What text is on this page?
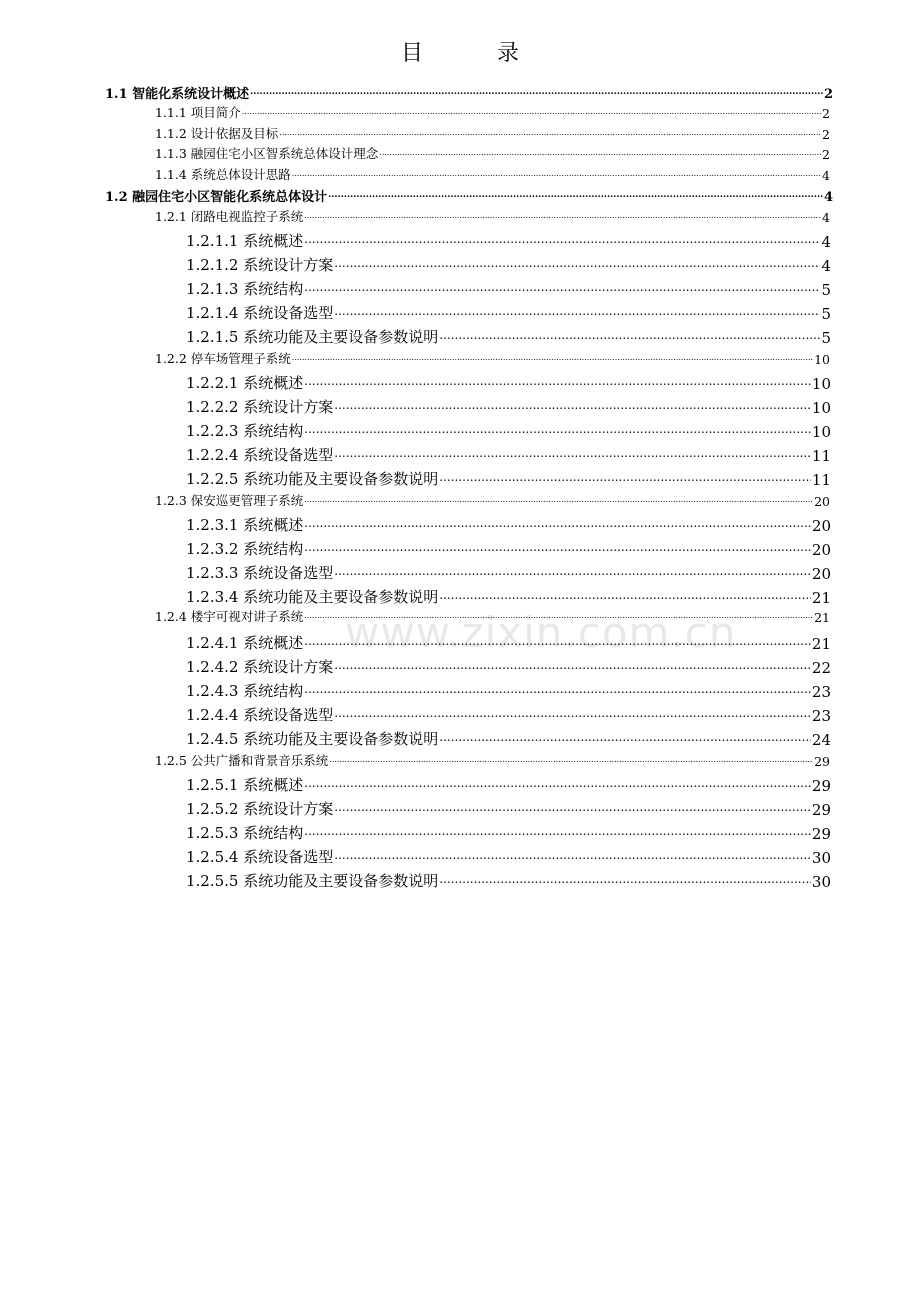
目　录
www.zixin.com.cn
1.1 智能化系统设计概述 .....	2
1.1.1 项目简介 .....	2
1.1.2 设计依据及目标 .....	2
1.1.3 融园住宅小区智系统总体设计理念 .....	2
1.1.4 系统总体设计思路 .....	4
1.2 融园住宅小区智能化系统总体设计 .....	4
1.2.1 闭路电视监控子系统 .....	4
1.2.1.1 系统概述 .....	4
1.2.1.2 系统设计方案 .....	4
1.2.1.3 系统结构 .....	5
1.2.1.4 系统设备选型 .....	5
1.2.1.5 系统功能及主要设备参数说明 .....	5
1.2.2 停车场管理子系统 .....	10
1.2.2.1 系统概述 .....	10
1.2.2.2 系统设计方案 .....	10
1.2.2.3 系统结构 .....	10
1.2.2.4 系统设备选型 .....	11
1.2.2.5 系统功能及主要设备参数说明 .....	11
1.2.3 保安巡更管理子系统 .....	20
1.2.3.1 系统概述 .....	20
1.2.3.2 系统结构 .....	20
1.2.3.3 系统设备选型 .....	20
1.2.3.4 系统功能及主要设备参数说明 .....	21
1.2.4 楼宇可视对讲子系统 .....	21
1.2.4.1 系统概述 .....	21
1.2.4.2 系统设计方案 .....	22
1.2.4.3 系统结构 .....	23
1.2.4.4 系统设备选型 .....	23
1.2.4.5 系统功能及主要设备参数说明 .....	24
1.2.5 公共广播和背景音乐系统 .....	29
1.2.5.1 系统概述 .....	29
1.2.5.2 系统设计方案 .....	29
1.2.5.3 系统结构 .....	29
1.2.5.4 系统设备选型 .....	30
1.2.5.5 系统功能及主要设备参数说明 .....	30
